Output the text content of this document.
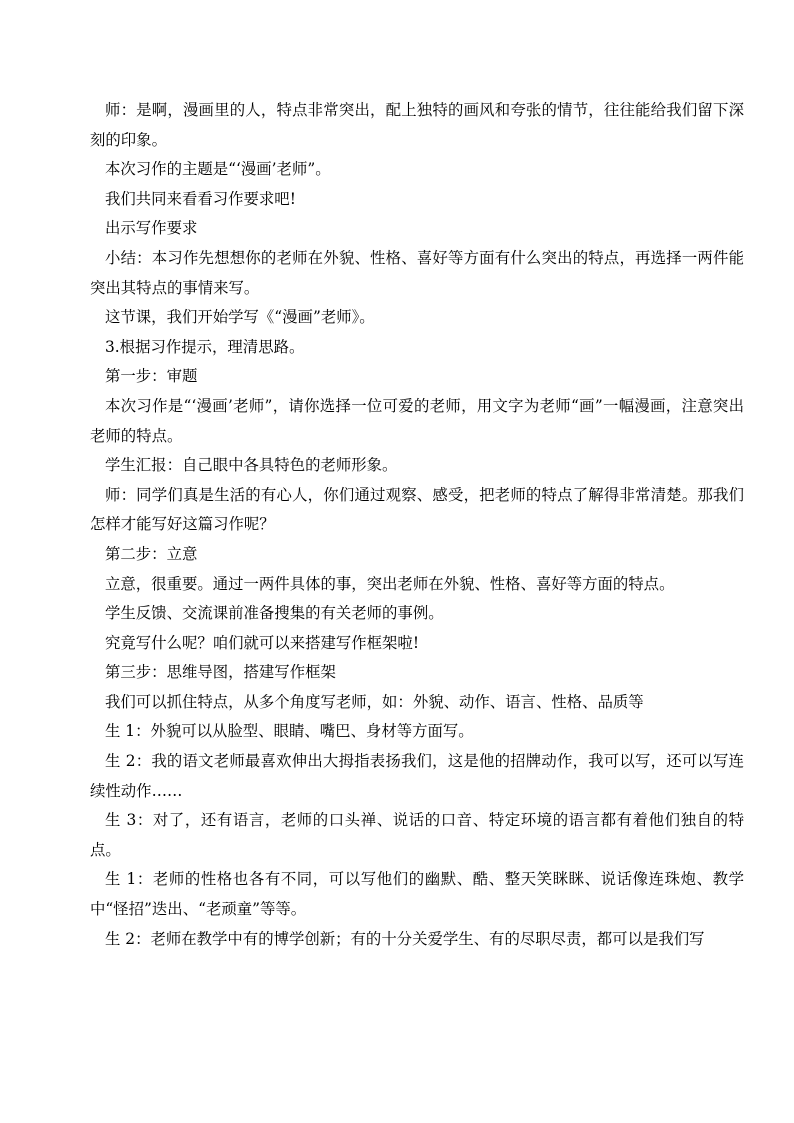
师：是啊，漫画里的人，特点非常突出，配上独特的画风和夸张的情节，往往能给我们留下深刻的印象。

本次习作的主题是“‘漫画’老师”。

我们共同来看看习作要求吧!

出示写作要求

小结：本习作先想想你的老师在外貌、性格、喜好等方面有什么突出的特点，再选择一两件能突出其特点的事情来写。

这节课，我们开始学写《“漫画”老师》。

3.根据习作提示，理清思路。

第一步：审题

本次习作是“‘漫画’老师”，请你选择一位可爱的老师，用文字为老师“画”一幅漫画，注意突出老师的特点。

学生汇报：自己眼中各具特色的老师形象。

师：同学们真是生活的有心人，你们通过观察、感受，把老师的特点了解得非常清楚。那我们怎样才能写好这篇习作呢？

第二步：立意

立意，很重要。通过一两件具体的事，突出老师在外貌、性格、喜好等方面的特点。

学生反馈、交流课前准备搜集的有关老师的事例。

究竟写什么呢？咱们就可以来搭建写作框架啦!

第三步：思维导图，搭建写作框架

我们可以抓住特点，从多个角度写老师，如：外貌、动作、语言、性格、品质等

生 1：外貌可以从脸型、眼睛、嘴巴、身材等方面写。

生 2：我的语文老师最喜欢伸出大拇指表扬我们，这是他的招牌动作，我可以写，还可以写连续性动作……

生 3：对了，还有语言，老师的口头禅、说话的口音、特定环境的语言都有着他们独自的特点。

生 1：老师的性格也各有不同，可以写他们的幽默、酷、整天笑眯眯、说话像连珠炮、教学中“怪招”迭出、“老顽童”等等。

生 2：老师在教学中有的博学创新；有的十分关爱学生、有的尽职尽责，都可以是我们写
